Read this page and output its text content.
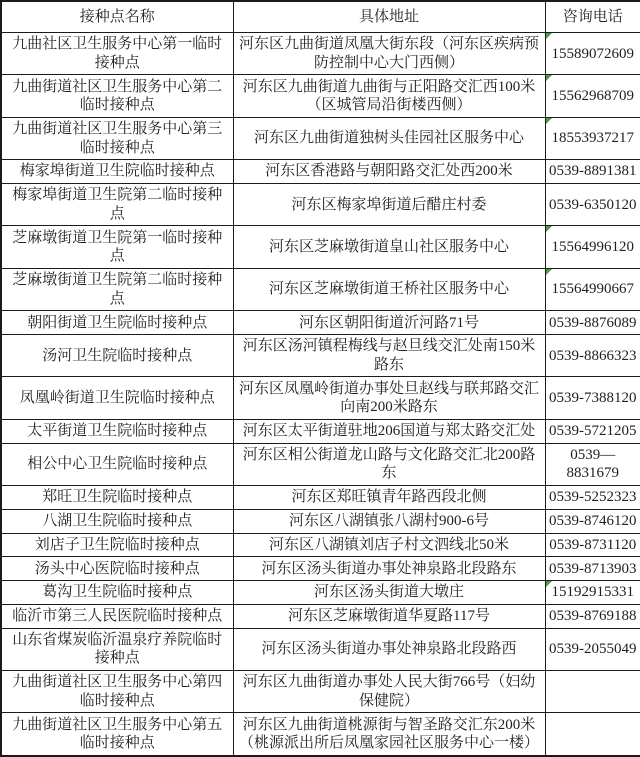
接种点名称	具体地址	咨询电话
九曲社区卫生服务中心第一临时接种点	河东区九曲街道凤凰大街东段（河东区疾病预防控制中心大门西侧）	15589072609
九曲街道社区卫生服务中心第二临时接种点	河东区九曲街道九曲街与正阳路交汇西100米（区城管局沿街楼西侧）	15562968709
九曲街道社区卫生服务中心第三临时接种点	河东区九曲街道独树头佳园社区服务中心	18553937217
梅家埠街道卫生院临时接种点	河东区香港路与朝阳路交汇处西200米	0539-8891381
梅家埠街道卫生院第二临时接种点	河东区梅家埠街道后醋庄村委	0539-6350120
芝麻墩街道卫生院第一临时接种点	河东区芝麻墩街道皇山社区服务中心	15564996120
芝麻墩街道卫生院第二临时接种点	河东区芝麻墩街道王桥社区服务中心	15564990667
朝阳街道卫生院临时接种点	河东区朝阳街道沂河路71号	0539-8876089
汤河卫生院临时接种点	河东区汤河镇程梅线与赵旦线交汇处南150米路东	0539-8866323
凤凰岭街道卫生院临时接种点	河东区凤凰岭街道办事处旦赵线与联邦路交汇向南200米路东	0539-7388120
太平街道卫生院临时接种点	河东区太平街道驻地206国道与郑太路交汇处	0539-5721205
相公中心卫生院临时接种点	河东区相公街道龙山路与文化路交汇北200路东	0539—8831679
郑旺卫生院临时接种点	河东区郑旺镇青年路西段北侧	0539-5252323
八湖卫生院临时接种点	河东区八湖镇张八湖村900-6号	0539-8746120
刘店子卫生院临时接种点	河东区八湖镇刘店子村文泗线北50米	0539-8731120
汤头中心医院临时接种点	河东区汤头街道办事处神泉路北段路东	0539-8713903
葛沟卫生院临时接种点	河东区汤头街道大墩庄	15192915331
临沂市第三人民医院临时接种点	河东区芝麻墩街道华夏路117号	0539-8769188
山东省煤炭临沂温泉疗养院临时接种点	河东区汤头街道办事处神泉路北段路西	0539-2055049
九曲街道社区卫生服务中心第四临时接种点	河东区九曲街道办事处人民大街766号（妇幼保健院）	
九曲街道社区卫生服务中心第五临时接种点	河东区九曲街道桃源街与智圣路交汇东200米（桃源派出所后凤凰家园社区服务中心一楼）	
